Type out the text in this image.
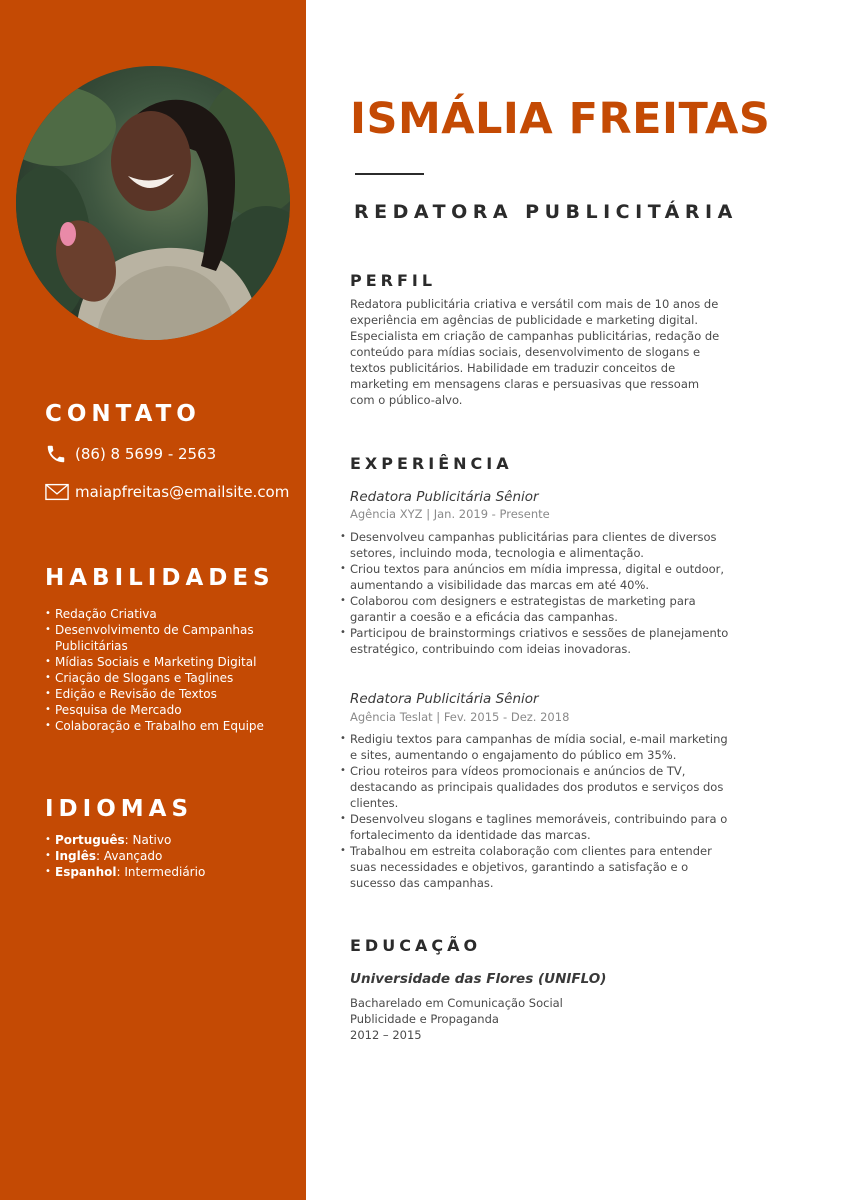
CONTATO
(86) 8 5699 - 2563
maiapfreitas@emailsite.com
HABILIDADES
• Redação Criativa
• Desenvolvimento de Campanhas Publicitárias
• Mídias Sociais e Marketing Digital
• Criação de Slogans e Taglines
• Edição e Revisão de Textos
• Pesquisa de Mercado
• Colaboração e Trabalho em Equipe
IDIOMAS
• Português: Nativo
• Inglês: Avançado
• Espanhol: Intermediário
ISMÁLIA FREITAS
REDATORA PUBLICITÁRIA
PERFIL

Redatora publicitária criativa e versátil com mais de 10 anos de experiência em agências de publicidade e marketing digital. Especialista em criação de campanhas publicitárias, redação de conteúdo para mídias sociais, desenvolvimento de slogans e textos publicitários. Habilidade em traduzir conceitos de marketing em mensagens claras e persuasivas que ressoam com o público-alvo.

EXPERIÊNCIA
Redatora Publicitária Sênior
Agência XYZ | Jan. 2019 - Presente
• Desenvolveu campanhas publicitárias para clientes de diversos setores, incluindo moda, tecnologia e alimentação.
• Criou textos para anúncios em mídia impressa, digital e outdoor, aumentando a visibilidade das marcas em até 40%.
• Colaborou com designers e estrategistas de marketing para garantir a coesão e a eficácia das campanhas.
• Participou de brainstormings criativos e sessões de planejamento estratégico, contribuindo com ideias inovadoras.
Redatora Publicitária Sênior
Agência Teslat | Fev. 2015 - Dez. 2018
• Redigiu textos para campanhas de mídia social, e-mail marketing e sites, aumentando o engajamento do público em 35%.
• Criou roteiros para vídeos promocionais e anúncios de TV, destacando as principais qualidades dos produtos e serviços dos clientes.
• Desenvolveu slogans e taglines memoráveis, contribuindo para o fortalecimento da identidade das marcas.
• Trabalhou em estreita colaboração com clientes para entender suas necessidades e objetivos, garantindo a satisfação e o sucesso das campanhas.
EDUCAÇÃO
Universidade das Flores (UNIFLO)
Bacharelado em Comunicação Social
Publicidade e Propaganda
2012 – 2015
